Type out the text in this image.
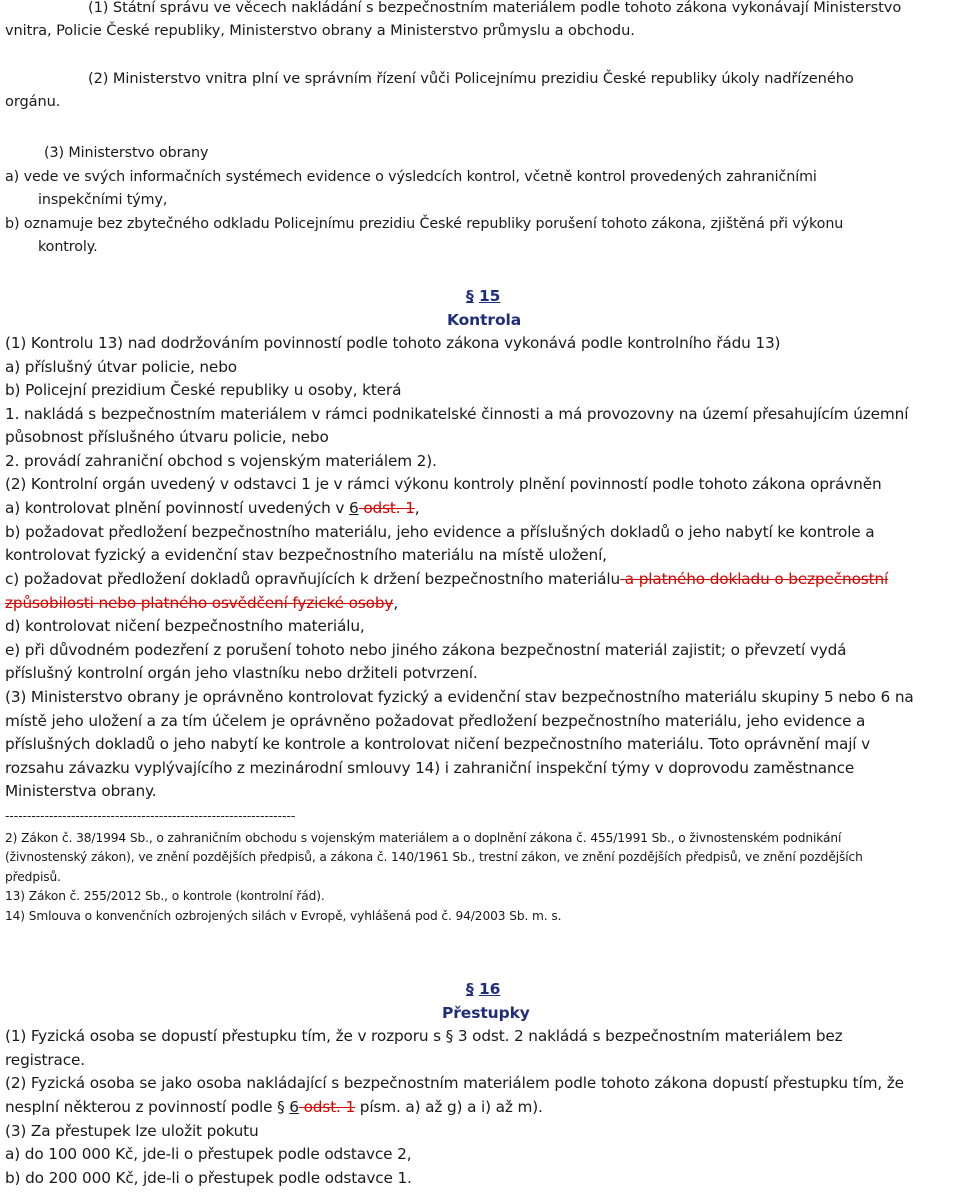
(1) Státní správu ve věcech nakládání s bezpečnostním materiálem podle tohoto zákona vykonávají Ministerstvo
vnitra, Policie České republiky, Ministerstvo obrany a Ministerstvo průmyslu a obchodu.
(2) Ministerstvo vnitra plní ve správním řízení vůči Policejnímu prezidiu České republiky úkoly nadřízeného
orgánu.
(3) Ministerstvo obrany
a) vede ve svých informačních systémech evidence o výsledcích kontrol, včetně kontrol provedených zahraničními
inspekčními týmy,
b) oznamuje bez zbytečného odkladu Policejnímu prezidiu České republiky porušení tohoto zákona, zjištěná při výkonu
kontroly.
§ 15
Kontrola
(1) Kontrolu 13) nad dodržováním povinností podle tohoto zákona vykonává podle kontrolního řádu 13)
a) příslušný útvar policie, nebo
b) Policejní prezidium České republiky u osoby, která
1. nakládá s bezpečnostním materiálem v rámci podnikatelské činnosti a má provozovny na území přesahujícím územní
působnost příslušného útvaru policie, nebo
2. provádí zahraniční obchod s vojenským materiálem 2).
(2) Kontrolní orgán uvedený v odstavci 1 je v rámci výkonu kontroly plnění povinností podle tohoto zákona oprávněn
a) kontrolovat plnění povinností uvedených v 6 odst. 1,
b) požadovat předložení bezpečnostního materiálu, jeho evidence a příslušných dokladů o jeho nabytí ke kontrole a
kontrolovat fyzický a evidenční stav bezpečnostního materiálu na místě uložení,
c) požadovat předložení dokladů opravňujících k držení bezpečnostního materiálu a platného dokladu o bezpečnostní
způsobilosti nebo platného osvědčení fyzické osoby,
d) kontrolovat ničení bezpečnostního materiálu,
e) při důvodném podezření z porušení tohoto nebo jiného zákona bezpečnostní materiál zajistit; o převzetí vydá
příslušný kontrolní orgán jeho vlastníku nebo držiteli potvrzení.
(3) Ministerstvo obrany je oprávněno kontrolovat fyzický a evidenční stav bezpečnostního materiálu skupiny 5 nebo 6 na
místě jeho uložení a za tím účelem je oprávněno požadovat předložení bezpečnostního materiálu, jeho evidence a
příslušných dokladů o jeho nabytí ke kontrole a kontrolovat ničení bezpečnostního materiálu. Toto oprávnění mají v
rozsahu závazku vyplývajícího z mezinárodní smlouvy 14) i zahraniční inspekční týmy v doprovodu zaměstnance
Ministerstva obrany.
------------------------------------------------------------------
2) Zákon č. 38/1994 Sb., o zahraničním obchodu s vojenským materiálem a o doplnění zákona č. 455/1991 Sb., o živnostenském podnikání
(živnostenský zákon), ve znění pozdějších předpisů, a zákona č. 140/1961 Sb., trestní zákon, ve znění pozdějších předpisů, ve znění pozdějších
předpisů.
13) Zákon č. 255/2012 Sb., o kontrole (kontrolní řád).
14) Smlouva o konvenčních ozbrojených silách v Evropě, vyhlášená pod č. 94/2003 Sb. m. s.
§ 16
Přestupky
(1) Fyzická osoba se dopustí přestupku tím, že v rozporu s § 3 odst. 2 nakládá s bezpečnostním materiálem bez
registrace.
(2) Fyzická osoba se jako osoba nakládající s bezpečnostním materiálem podle tohoto zákona dopustí přestupku tím, že
nesplní některou z povinností podle § 6 odst. 1 písm. a) až g) a i) až m).
(3) Za přestupek lze uložit pokutu
a) do 100 000 Kč, jde-li o přestupek podle odstavce 2,
b) do 200 000 Kč, jde-li o přestupek podle odstavce 1.
